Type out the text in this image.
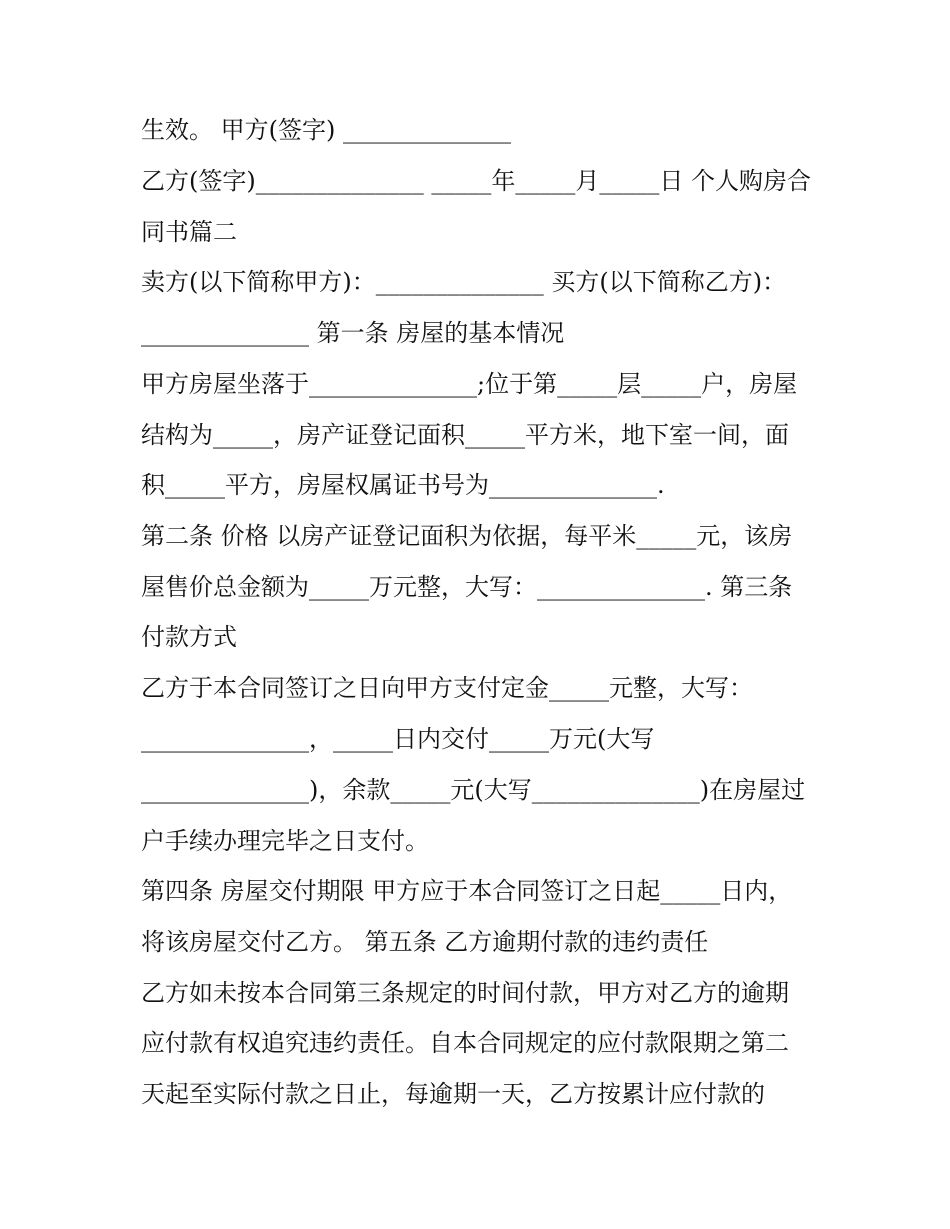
生效。 甲方(签字) ______________
乙方(签字)______________ _____年_____月_____日 个人购房合
同书篇二
卖方(以下简称甲方)：______________ 买方(以下简称乙方)：
______________ 第一条 房屋的基本情况
甲方房屋坐落于______________;位于第_____层_____户，房屋
结构为_____，房产证登记面积_____平方米，地下室一间，面
积_____平方，房屋权属证书号为______________.
第二条 价格 以房产证登记面积为依据，每平米_____元，该房
屋售价总金额为_____万元整，大写：______________. 第三条
付款方式
乙方于本合同签订之日向甲方支付定金_____元整，大写：
______________，_____日内交付_____万元(大写
______________)，余款_____元(大写______________)在房屋过
户手续办理完毕之日支付。
第四条 房屋交付期限 甲方应于本合同签订之日起_____日内，
将该房屋交付乙方。 第五条 乙方逾期付款的违约责任
乙方如未按本合同第三条规定的时间付款，甲方对乙方的逾期
应付款有权追究违约责任。自本合同规定的应付款限期之第二
天起至实际付款之日止，每逾期一天，乙方按累计应付款的
